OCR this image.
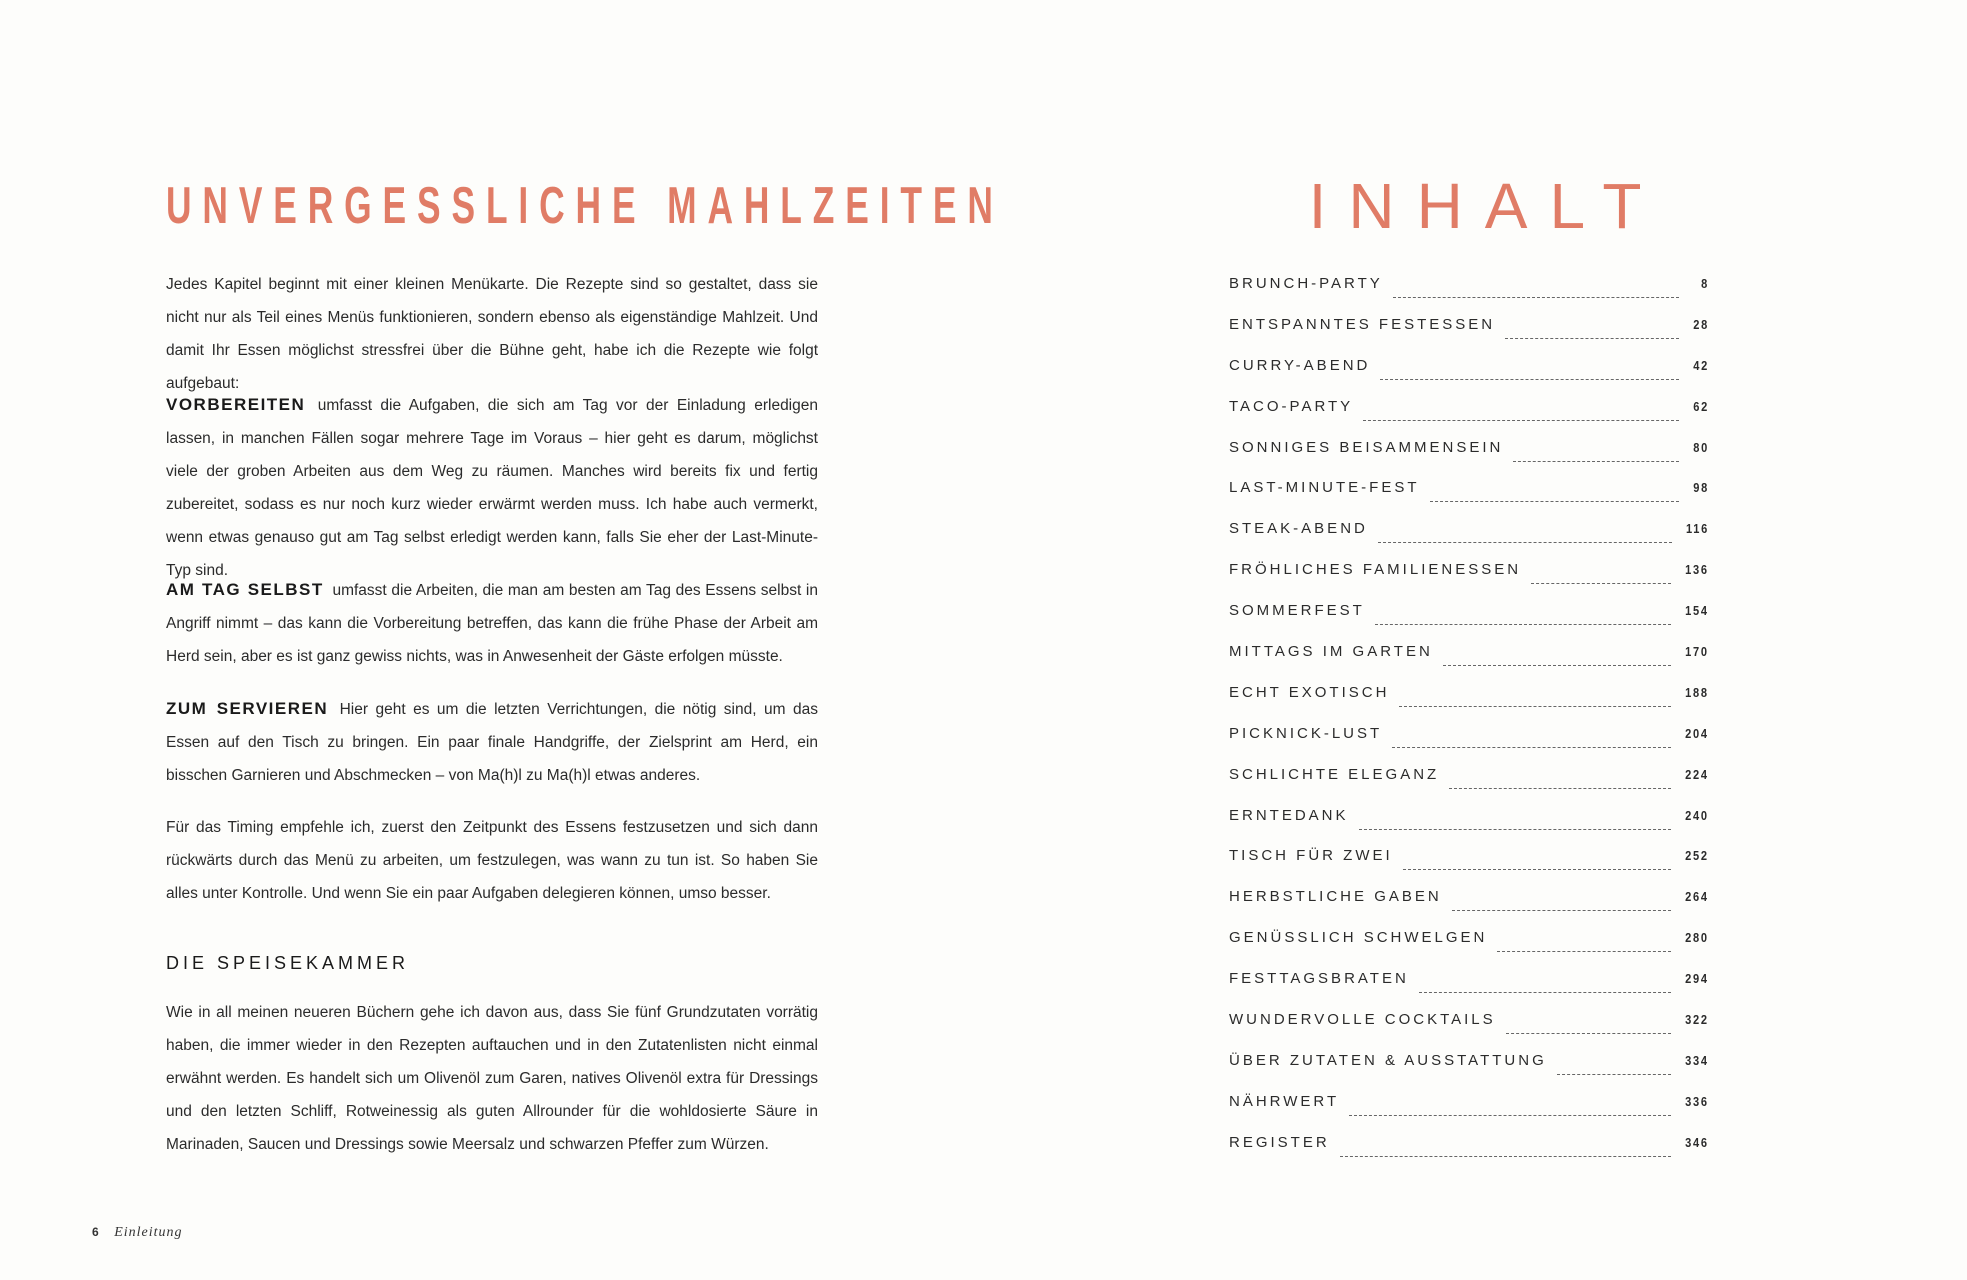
UNVERGESSLICHE MAHLZEITEN

Jedes Kapitel beginnt mit einer kleinen Menükarte. Die Rezepte sind so gestaltet, dass sie nicht nur als Teil eines Menüs funktionieren, sondern ebenso als eigenständige Mahlzeit. Und damit Ihr Essen möglichst stressfrei über die Bühne geht, habe ich die Rezepte wie folgt aufgebaut:

VORBEREITEN umfasst die Aufgaben, die sich am Tag vor der Einladung erledigen lassen, in manchen Fällen sogar mehrere Tage im Voraus – hier geht es darum, möglichst viele der groben Arbeiten aus dem Weg zu räumen. Manches wird bereits fix und fertig zubereitet, sodass es nur noch kurz wieder erwärmt werden muss. Ich habe auch vermerkt, wenn etwas genauso gut am Tag selbst erledigt werden kann, falls Sie eher der Last-Minute-Typ sind.

AM TAG SELBST umfasst die Arbeiten, die man am besten am Tag des Essens selbst in Angriff nimmt – das kann die Vorbereitung betreffen, das kann die frühe Phase der Arbeit am Herd sein, aber es ist ganz gewiss nichts, was in Anwesenheit der Gäste erfolgen müsste.

ZUM SERVIEREN Hier geht es um die letzten Verrichtungen, die nötig sind, um das Essen auf den Tisch zu bringen. Ein paar finale Handgriffe, der Zielsprint am Herd, ein bisschen Garnieren und Abschmecken – von Ma(h)l zu Ma(h)l etwas anderes.

Für das Timing empfehle ich, zuerst den Zeitpunkt des Essens festzusetzen und sich dann rückwärts durch das Menü zu arbeiten, um festzulegen, was wann zu tun ist. So haben Sie alles unter Kontrolle. Und wenn Sie ein paar Aufgaben delegieren können, umso besser.

DIE SPEISEKAMMER

Wie in all meinen neueren Büchern gehe ich davon aus, dass Sie fünf Grundzutaten vorrätig haben, die immer wieder in den Rezepten auftauchen und in den Zutatenlisten nicht einmal erwähnt werden. Es handelt sich um Olivenöl zum Garen, natives Olivenöl extra für Dressings und den letzten Schliff, Rotweinessig als guten Allrounder für die wohldosierte Säure in Marinaden, Saucen und Dressings sowie Meersalz und schwarzen Pfeffer zum Würzen.

6 Einleitung
INHALT
BRUNCH-PARTY	8
ENTSPANNTES FESTESSEN	28
CURRY-ABEND	42
TACO-PARTY	62
SONNIGES BEISAMMENSEIN	80
LAST-MINUTE-FEST	98
STEAK-ABEND	116
FRÖHLICHES FAMILIENESSEN	136
SOMMERFEST	154
MITTAGS IM GARTEN	170
ECHT EXOTISCH	188
PICKNICK-LUST	204
SCHLICHTE ELEGANZ	224
ERNTEDANK	240
TISCH FÜR ZWEI	252
HERBSTLICHE GABEN	264
GENÜSSLICH SCHWELGEN	280
FESTTAGSBRATEN	294
WUNDERVOLLE COCKTAILS	322
ÜBER ZUTATEN & AUSSTATTUNG	334
NÄHRWERT	336
REGISTER	346
